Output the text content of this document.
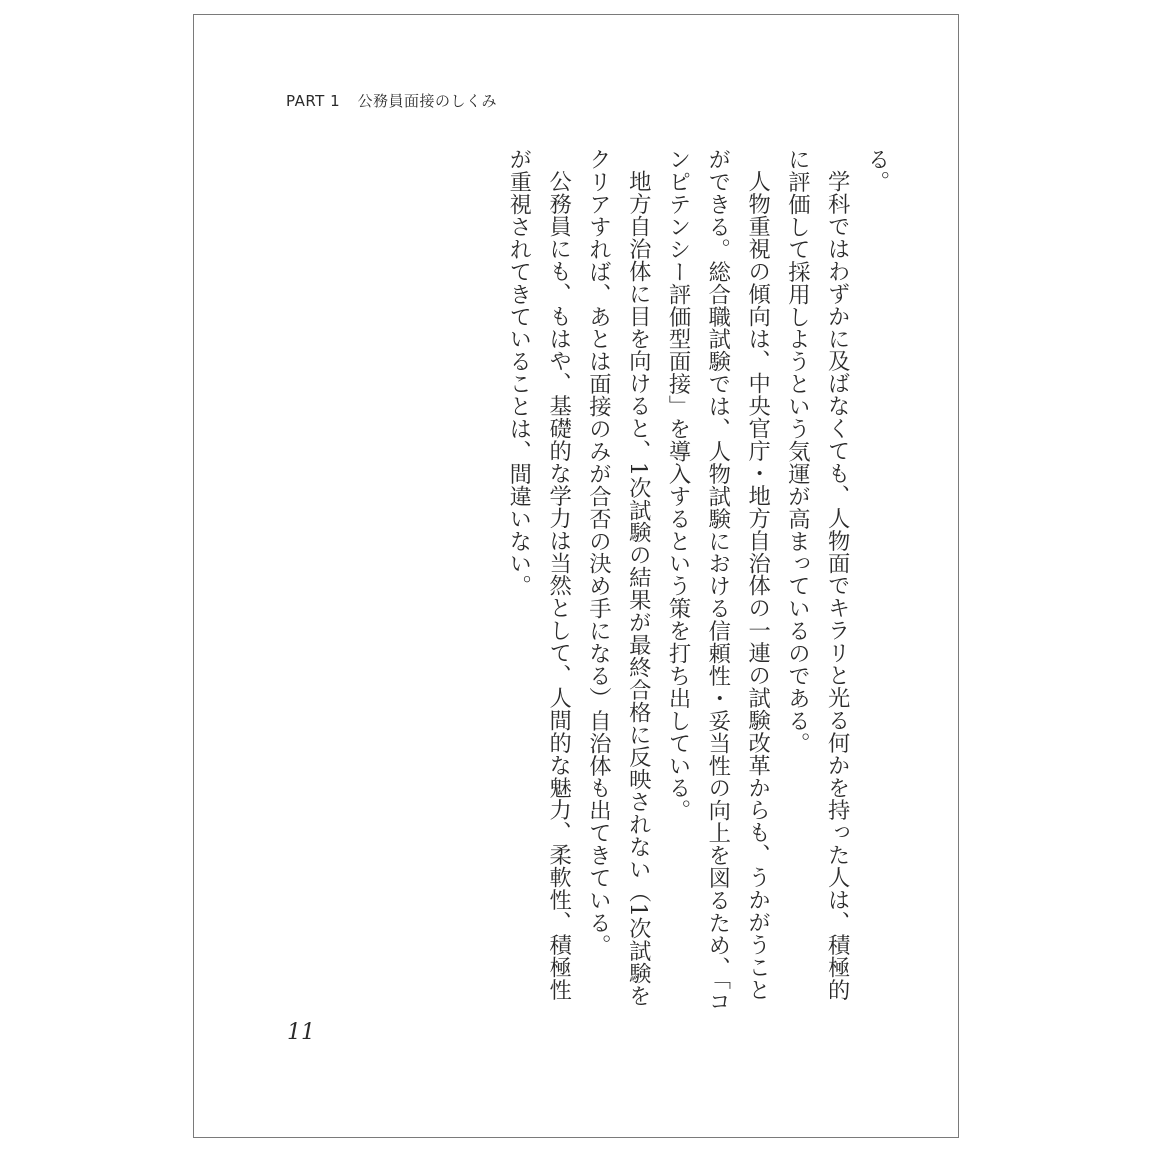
PART 1 公務員面接のしくみ

る。

学科ではわずかに及ばなくても、人物面でキラリと光る何かを持った人は、積極的に評価して採用しようという気運が高まっているのである。

人物重視の傾向は、中央官庁・地方自治体の一連の試験改革からも、うかがうことができる。総合職試験では、人物試験における信頼性・妥当性の向上を図るため、「コンピテンシー評価型面接」を導入するという策を打ち出している。

地方自治体に目を向けると、1次試験の結果が最終合格に反映されない（1次試験をクリアすれば、あとは面接のみが合否の決め手になる）自治体も出てきている。

公務員にも、もはや、基礎的な学力は当然として、人間的な魅力、柔軟性、積極性が重視されてきていることは、間違いない。

11
